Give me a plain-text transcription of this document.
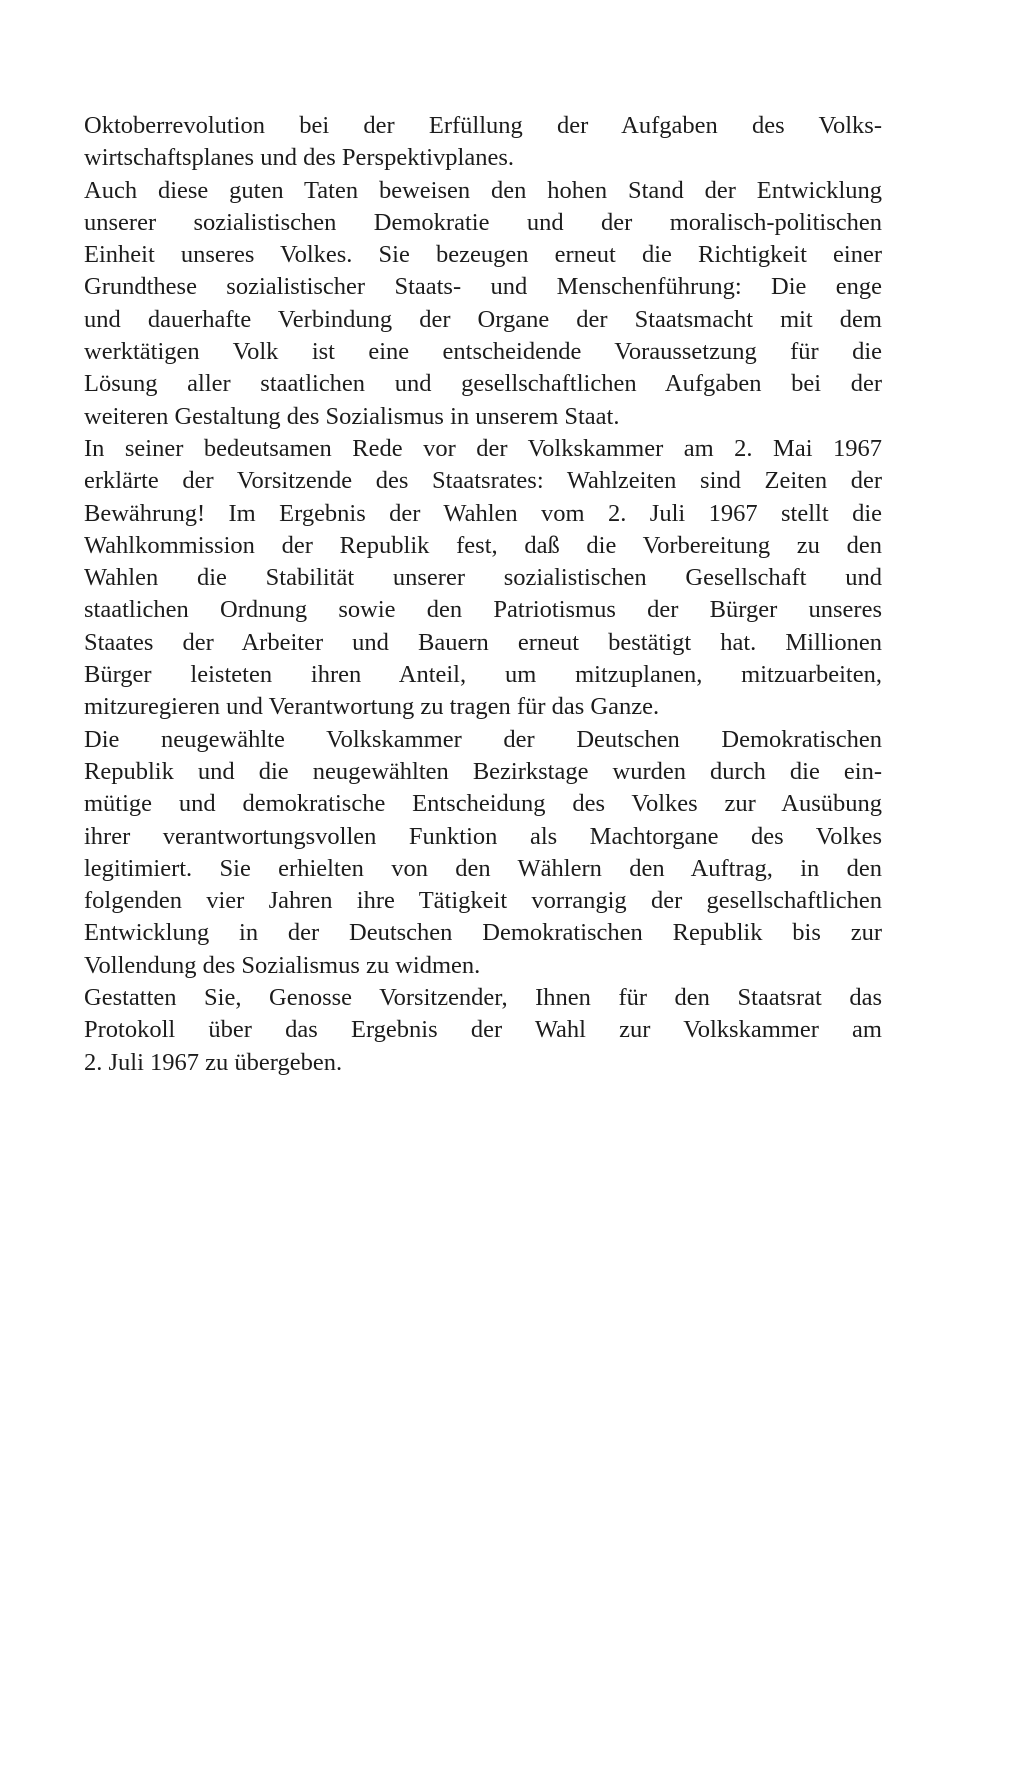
Oktoberrevolution bei der Erfüllung der Aufgaben des Volks-
wirtschaftsplanes und des Perspektivplanes.
Auch diese guten Taten beweisen den hohen Stand der Entwicklung
unserer sozialistischen Demokratie und der moralisch-politischen
Einheit unseres Volkes. Sie bezeugen erneut die Richtigkeit einer
Grundthese sozialistischer Staats- und Menschenführung: Die enge
und dauerhafte Verbindung der Organe der Staatsmacht mit dem
werktätigen Volk ist eine entscheidende Voraussetzung für die
Lösung aller staatlichen und gesellschaftlichen Aufgaben bei der
weiteren Gestaltung des Sozialismus in unserem Staat.
In seiner bedeutsamen Rede vor der Volkskammer am 2. Mai 1967
erklärte der Vorsitzende des Staatsrates: Wahlzeiten sind Zeiten der
Bewährung! Im Ergebnis der Wahlen vom 2. Juli 1967 stellt die
Wahlkommission der Republik fest, daß die Vorbereitung zu den
Wahlen die Stabilität unserer sozialistischen Gesellschaft und
staatlichen Ordnung sowie den Patriotismus der Bürger unseres
Staates der Arbeiter und Bauern erneut bestätigt hat. Millionen
Bürger leisteten ihren Anteil, um mitzuplanen, mitzuarbeiten,
mitzuregieren und Verantwortung zu tragen für das Ganze.
Die neugewählte Volkskammer der Deutschen Demokratischen
Republik und die neugewählten Bezirkstage wurden durch die ein-
mütige und demokratische Entscheidung des Volkes zur Ausübung
ihrer verantwortungsvollen Funktion als Machtorgane des Volkes
legitimiert. Sie erhielten von den Wählern den Auftrag, in den
folgenden vier Jahren ihre Tätigkeit vorrangig der gesellschaftlichen
Entwicklung in der Deutschen Demokratischen Republik bis zur
Vollendung des Sozialismus zu widmen.
Gestatten Sie, Genosse Vorsitzender, Ihnen für den Staatsrat das
Protokoll über das Ergebnis der Wahl zur Volkskammer am
2. Juli 1967 zu übergeben.
